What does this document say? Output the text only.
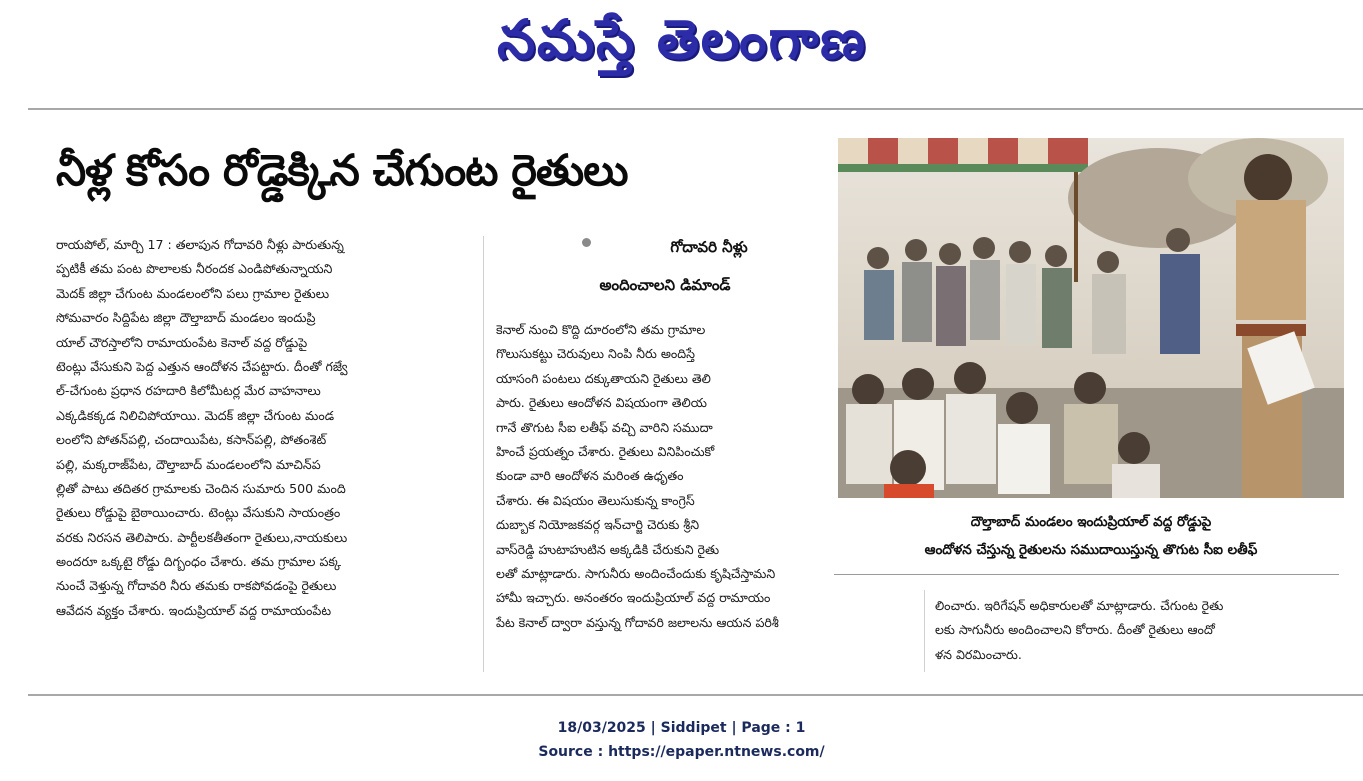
నమస్తే తెలంగాణ
నీళ్ల కోసం రోడ్డెక్కిన చేగుంట రైతులు
రాయపోల్, మార్చి 17 : తలాపున గోదావరి నీళ్లు పారుతున్న
ప్పటికీ తమ పంట పొలాలకు నీరందక ఎండిపోతున్నాయని
మెదక్ జిల్లా చేగుంట మండలంలోని పలు గ్రామాల రైతులు
సోమవారం సిద్దిపేట జిల్లా దౌల్తాబాద్ మండలం ఇందుప్రి
యాల్ చౌరస్తాలోని రామాయంపేట కెనాల్ వద్ద రోడ్డుపై
టెంట్లు వేసుకుని పెద్ద ఎత్తున ఆందోళన చేపట్టారు. దీంతో గజ్వే
ల్-చేగుంట ప్రధాన రహదారి కిలోమీటర్ల మేర వాహనాలు
ఎక్కడికక్కడ నిలిచిపోయాయి. మెదక్ జిల్లా చేగుంట మండ
లంలోని పోతన్‌పల్లి, చందాయిపేట, కసాన్‌పల్లి, పోతంశెట్
పల్లి, మక్కరాజ్‌పేట, దౌల్తాబాద్ మండలంలోని మాచిన్‌ప
ల్లితో పాటు తదితర గ్రామాలకు చెందిన సుమారు 500 మంది
రైతులు రోడ్డుపై బైఠాయించారు. టెంట్లు వేసుకుని సాయంత్రం
వరకు నిరసన తెలిపారు. పార్టీలకతీతంగా రైతులు,నాయకులు
అందరూ ఒక్కటై రోడ్డు దిగ్బంధం చేశారు. తమ గ్రామాల పక్క
నుంచే వెళ్తున్న గోదావరి నీరు తమకు రాకపోవడంపై రైతులు
ఆవేదన వ్యక్తం చేశారు. ఇందుప్రియాల్ వద్ద రామాయంపేట
గోదావరి నీళ్లు
అందించాలని డిమాండ్
కెనాల్ నుంచి కొద్ది దూరంలోని తమ గ్రామాల
గొలుసుకట్టు చెరువులు నింపి నీరు అందిస్తే
యాసంగి పంటలు దక్కుతాయని రైతులు తెలి
పారు. రైతులు ఆందోళన విషయంగా తెలియ
గానే తొగుట సీఐ లతీఫ్ వచ్చి వారిని సముదా
హించే ప్రయత్నం చేశారు. రైతులు వినిపించుకో
కుండా వారి ఆందోళన మరింత ఉధృతం
చేశారు. ఈ విషయం తెలుసుకున్న కాంగ్రెస్
దుబ్బాక నియోజకవర్గ ఇన్‌చార్జి చెరుకు శ్రీని
వాస్‌రెడ్డి హుటాహుటిన అక్కడికి చేరుకుని రైతు
లతో మాట్లాడారు. సాగునీరు అందించేందుకు కృషిచేస్తామని
హామీ ఇచ్చారు. అనంతరం ఇందుప్రియాల్ వద్ద రామాయం
పేట కెనాల్ ద్వారా వస్తున్న గోదావరి జలాలను ఆయన పరిశీ
దౌల్తాబాద్ మండలం ఇందుప్రియాల్ వద్ద రోడ్డుపై
ఆందోళన చేస్తున్న రైతులను సముదాయిస్తున్న తొగుట సీఐ లతీఫ్
లించారు. ఇరిగేషన్ అధికారులతో మాట్లాడారు. చేగుంట రైతు
లకు సాగునీరు అందించాలని కోరారు. దీంతో రైతులు ఆందో
ళన విరమించారు.
18/03/2025 | Siddipet | Page : 1
Source : https://epaper.ntnews.com/
